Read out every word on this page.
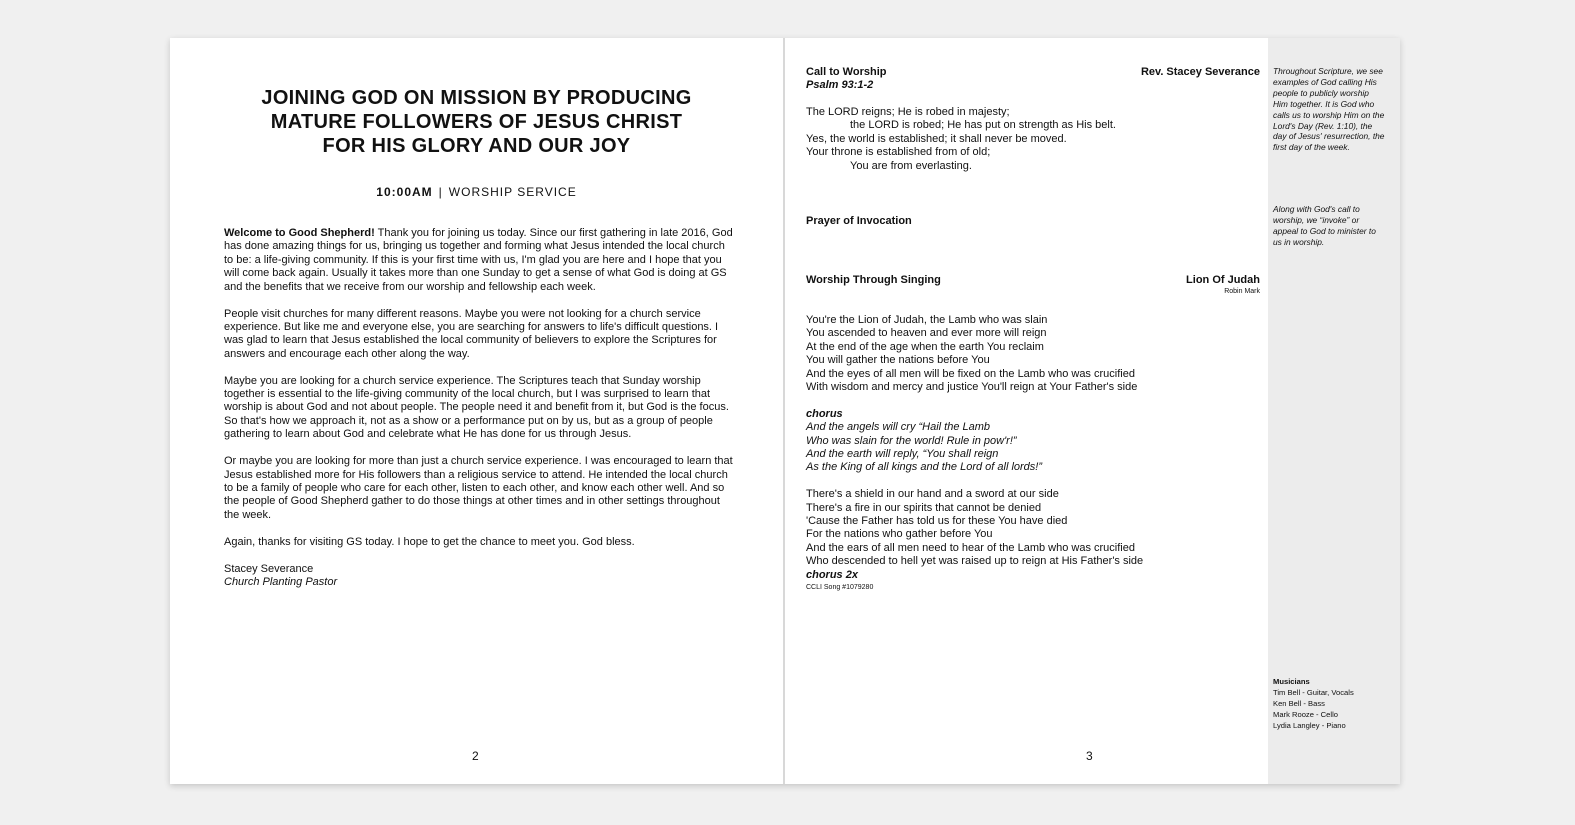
JOINING GOD ON MISSION BY PRODUCING
MATURE FOLLOWERS OF JESUS CHRIST
FOR HIS GLORY AND OUR JOY
10:00AM | WORSHIP SERVICE

Welcome to Good Shepherd! Thank you for joining us today. Since our first gathering in late 2016, God has done amazing things for us, bringing us together and forming what Jesus intended the local church to be: a life-giving community. If this is your first time with us, I'm glad you are here and I hope that you will come back again. Usually it takes more than one Sunday to get a sense of what God is doing at GS and the benefits that we receive from our worship and fellowship each week.

People visit churches for many different reasons. Maybe you were not looking for a church service experience. But like me and everyone else, you are searching for answers to life's difficult questions. I was glad to learn that Jesus established the local community of believers to explore the Scriptures for answers and encourage each other along the way.

Maybe you are looking for a church service experience. The Scriptures teach that Sunday worship together is essential to the life-giving community of the local church, but I was surprised to learn that worship is about God and not about people. The people need it and benefit from it, but God is the focus. So that's how we approach it, not as a show or a performance put on by us, but as a group of people gathering to learn about God and celebrate what He has done for us through Jesus.

Or maybe you are looking for more than just a church service experience. I was encouraged to learn that Jesus established more for His followers than a religious service to attend. He intended the local church to be a family of people who care for each other, listen to each other, and know each other well. And so the people of Good Shepherd gather to do those things at other times and in other settings throughout the week.

Again, thanks for visiting GS today. I hope to get the chance to meet you. God bless.

Stacey Severance
Church Planting Pastor

2
Call to Worship
Psalm 93:1-2
Rev. Stacey Severance
The LORD reigns; He is robed in majesty;
the LORD is robed; He has put on strength as His belt.
Yes, the world is established; it shall never be moved.
Your throne is established from of old;
You are from everlasting.
Prayer of Invocation
Worship Through Singing	Lion Of Judah
Robin Mark
You're the Lion of Judah, the Lamb who was slain
You ascended to heaven and ever more will reign
At the end of the age when the earth You reclaim
You will gather the nations before You
And the eyes of all men will be fixed on the Lamb who was crucified
With wisdom and mercy and justice You'll reign at Your Father's side
chorus
And the angels will cry “Hail the Lamb
Who was slain for the world! Rule in pow'r!”
And the earth will reply, “You shall reign
As the King of all kings and the Lord of all lords!”
There's a shield in our hand and a sword at our side
There's a fire in our spirits that cannot be denied
'Cause the Father has told us for these You have died
For the nations who gather before You
And the ears of all men need to hear of the Lamb who was crucified
Who descended to hell yet was raised up to reign at His Father's side
chorus 2x
CCLI Song #1079280
3
Throughout Scripture, we see examples of God calling His people to publicly worship Him together. It is God who calls us to worship Him on the Lord's Day (Rev. 1:10), the day of Jesus' resurrection, the first day of the week.
Along with God's call to worship, we “invoke” or appeal to God to minister to us in worship.
Musicians
Tim Bell - Guitar, Vocals
Ken Bell - Bass
Mark Rooze - Cello
Lydia Langley - Piano
